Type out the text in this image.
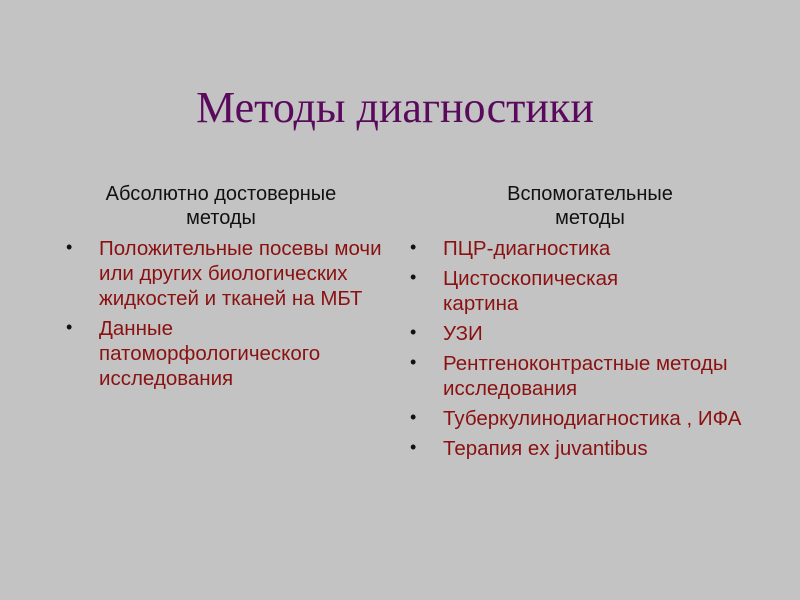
Методы диагностики
Абсолютно достоверные
методы
• Положительные посевы мочи или других биологических жидкостей и тканей на МБТ
• Данные патоморфологического исследования
Вспомогательные
методы
• ПЦР-диагностика
• Цистоскопическая картина
• УЗИ
• Рентгеноконтрастные методы исследования
• Туберкулинодиагностика , ИФА
• Терапия ex juvantibus
